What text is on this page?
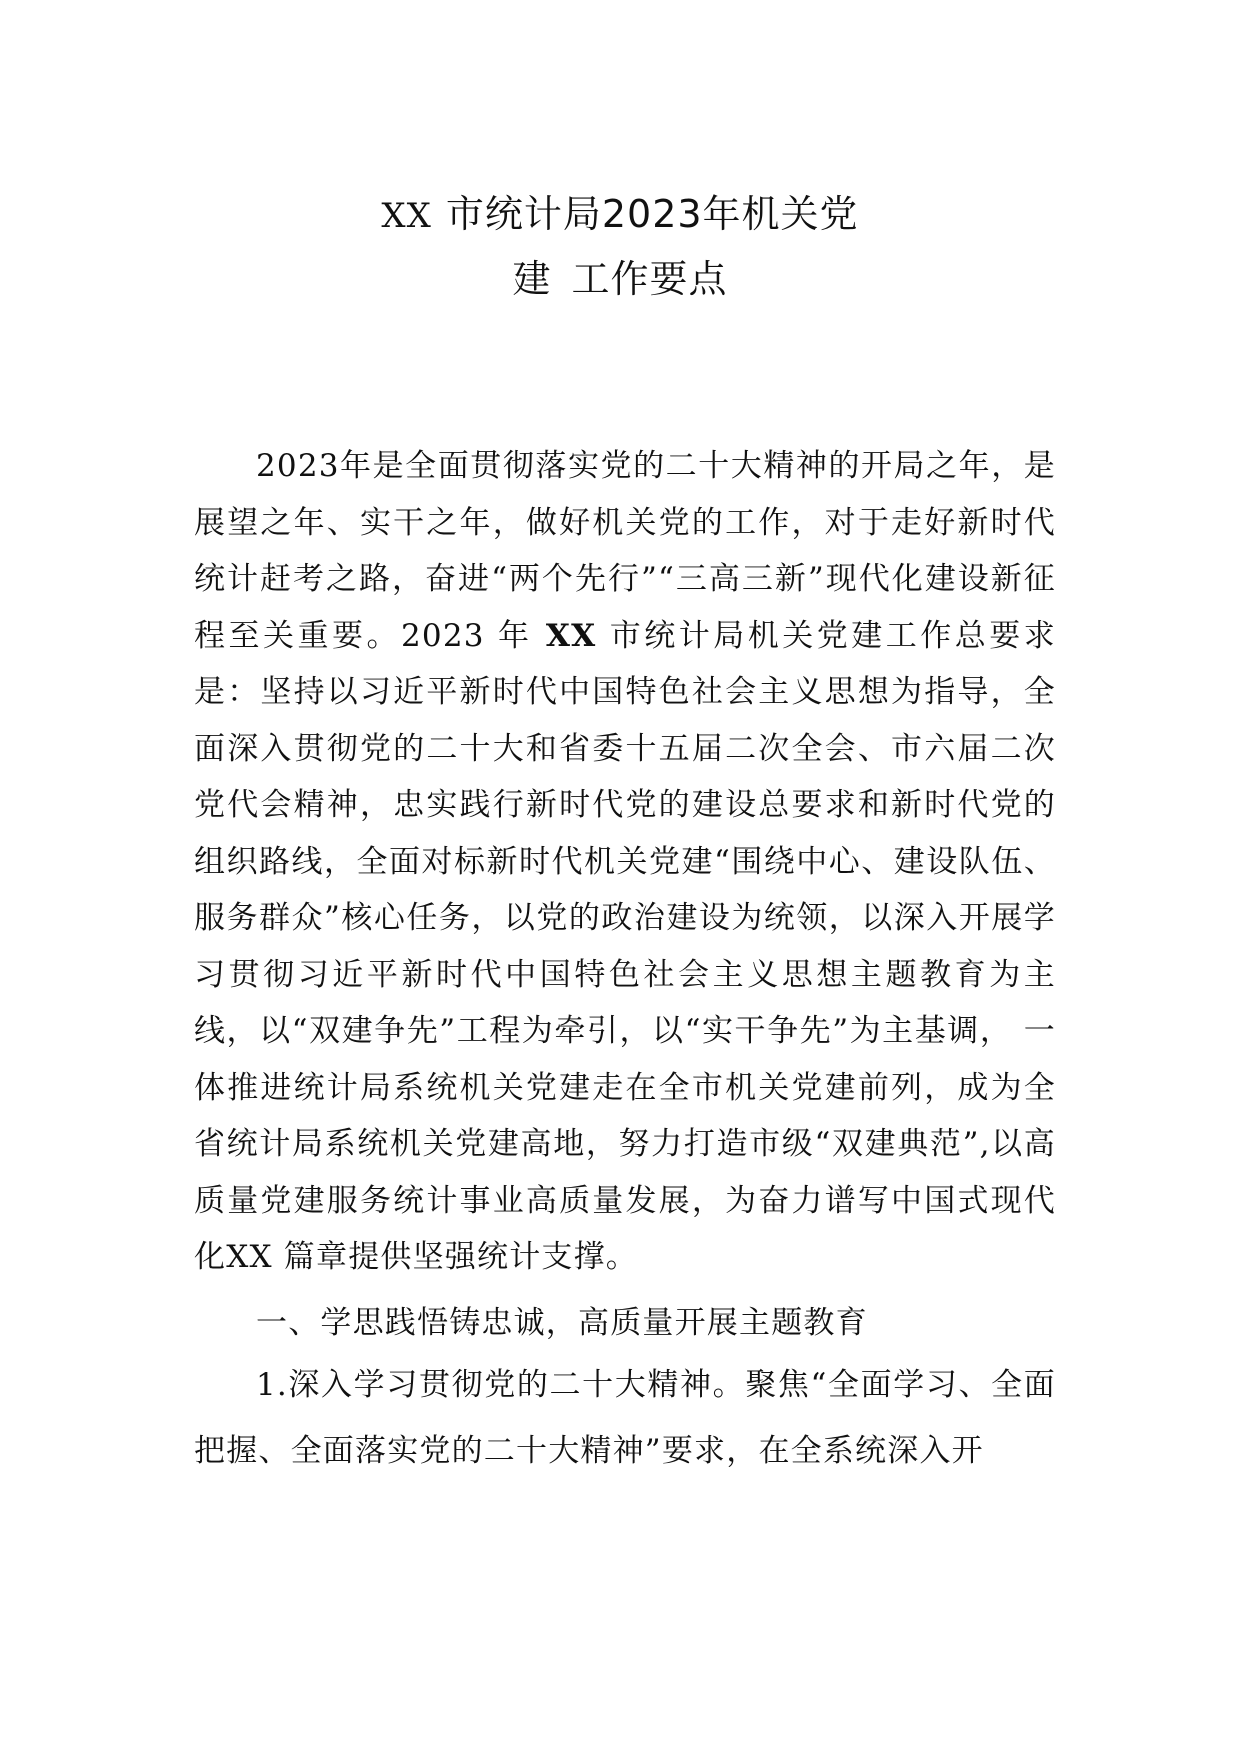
XX 市统计局2023年机关党
建 工作要点

2023年是全面贯彻落实党的二十大精神的开局之年，是展望之年、实干之年，做好机关党的工作，对于走好新时代统计赶考之路，奋进“两个先行”“三高三新”现代化建设新征程至关重要。2023 年 XX 市统计局机关党建工作总要求是：坚持以习近平新时代中国特色社会主义思想为指导，全面深入贯彻党的二十大和省委十五届二次全会、市六届二次党代会精神，忠实践行新时代党的建设总要求和新时代党的组织路线，全面对标新时代机关党建“围绕中心、建设队伍、服务群众”核心任务，以党的政治建设为统领，以深入开展学习贯彻习近平新时代中国特色社会主义思想主题教育为主线，以“双建争先”工程为牵引，以“实干争先”为主基调， 一体推进统计局系统机关党建走在全市机关党建前列，成为全省统计局系统机关党建高地，努力打造市级“双建典范”,以高质量党建服务统计事业高质量发展，为奋力谱写中国式现代化XX 篇章提供坚强统计支撑。

一、学思践悟铸忠诚，高质量开展主题教育

1.深入学习贯彻党的二十大精神。聚焦“全面学习、全面把握、全面落实党的二十大精神”要求，在全系统深入开
